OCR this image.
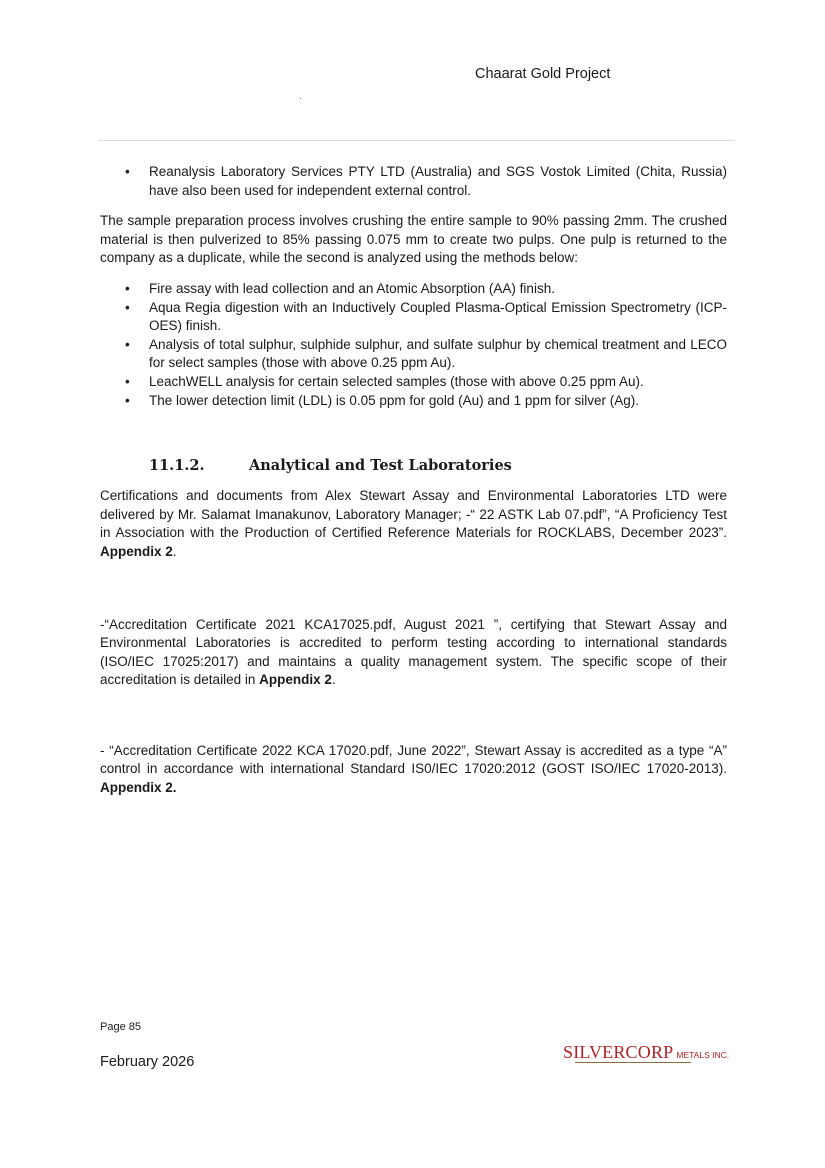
Chaarat Gold Project
• Reanalysis Laboratory Services PTY LTD (Australia) and SGS Vostok Limited (Chita, Russia) have also been used for independent external control.

The sample preparation process involves crushing the entire sample to 90% passing 2mm. The crushed material is then pulverized to 85% passing 0.075 mm to create two pulps. One pulp is returned to the company as a duplicate, while the second is analyzed using the methods below:

• Fire assay with lead collection and an Atomic Absorption (AA) finish.
• Aqua Regia digestion with an Inductively Coupled Plasma-Optical Emission Spectrometry (ICP-OES) finish.
• Analysis of total sulphur, sulphide sulphur, and sulfate sulphur by chemical treatment and LECO for select samples (those with above 0.25 ppm Au).
• LeachWELL analysis for certain selected samples (those with above 0.25 ppm Au).
• The lower detection limit (LDL) is 0.05 ppm for gold (Au) and 1 ppm for silver (Ag).
11.1.2.	Analytical and Test Laboratories

Certifications and documents from Alex Stewart Assay and Environmental Laboratories LTD were delivered by Mr. Salamat Imanakunov, Laboratory Manager; -“ 22 ASTK Lab 07.pdf”, “A Proficiency Test in Association with the Production of Certified Reference Materials for ROCKLABS, December 2023”. Appendix 2.

-“Accreditation Certificate 2021 KCA17025.pdf, August 2021 ”, certifying that Stewart Assay and Environmental Laboratories is accredited to perform testing according to international standards (ISO/IEC 17025:2017) and maintains a quality management system. The specific scope of their accreditation is detailed in Appendix 2.

- “Accreditation Certificate 2022 KCA 17020.pdf, June 2022”, Stewart Assay is accredited as a type “A” control in accordance with international Standard IS0/IEC 17020:2012 (GOST ISO/IEC 17020-2013). Appendix 2.

Page 85
February 2026	SILVERCORP METALS INC.
